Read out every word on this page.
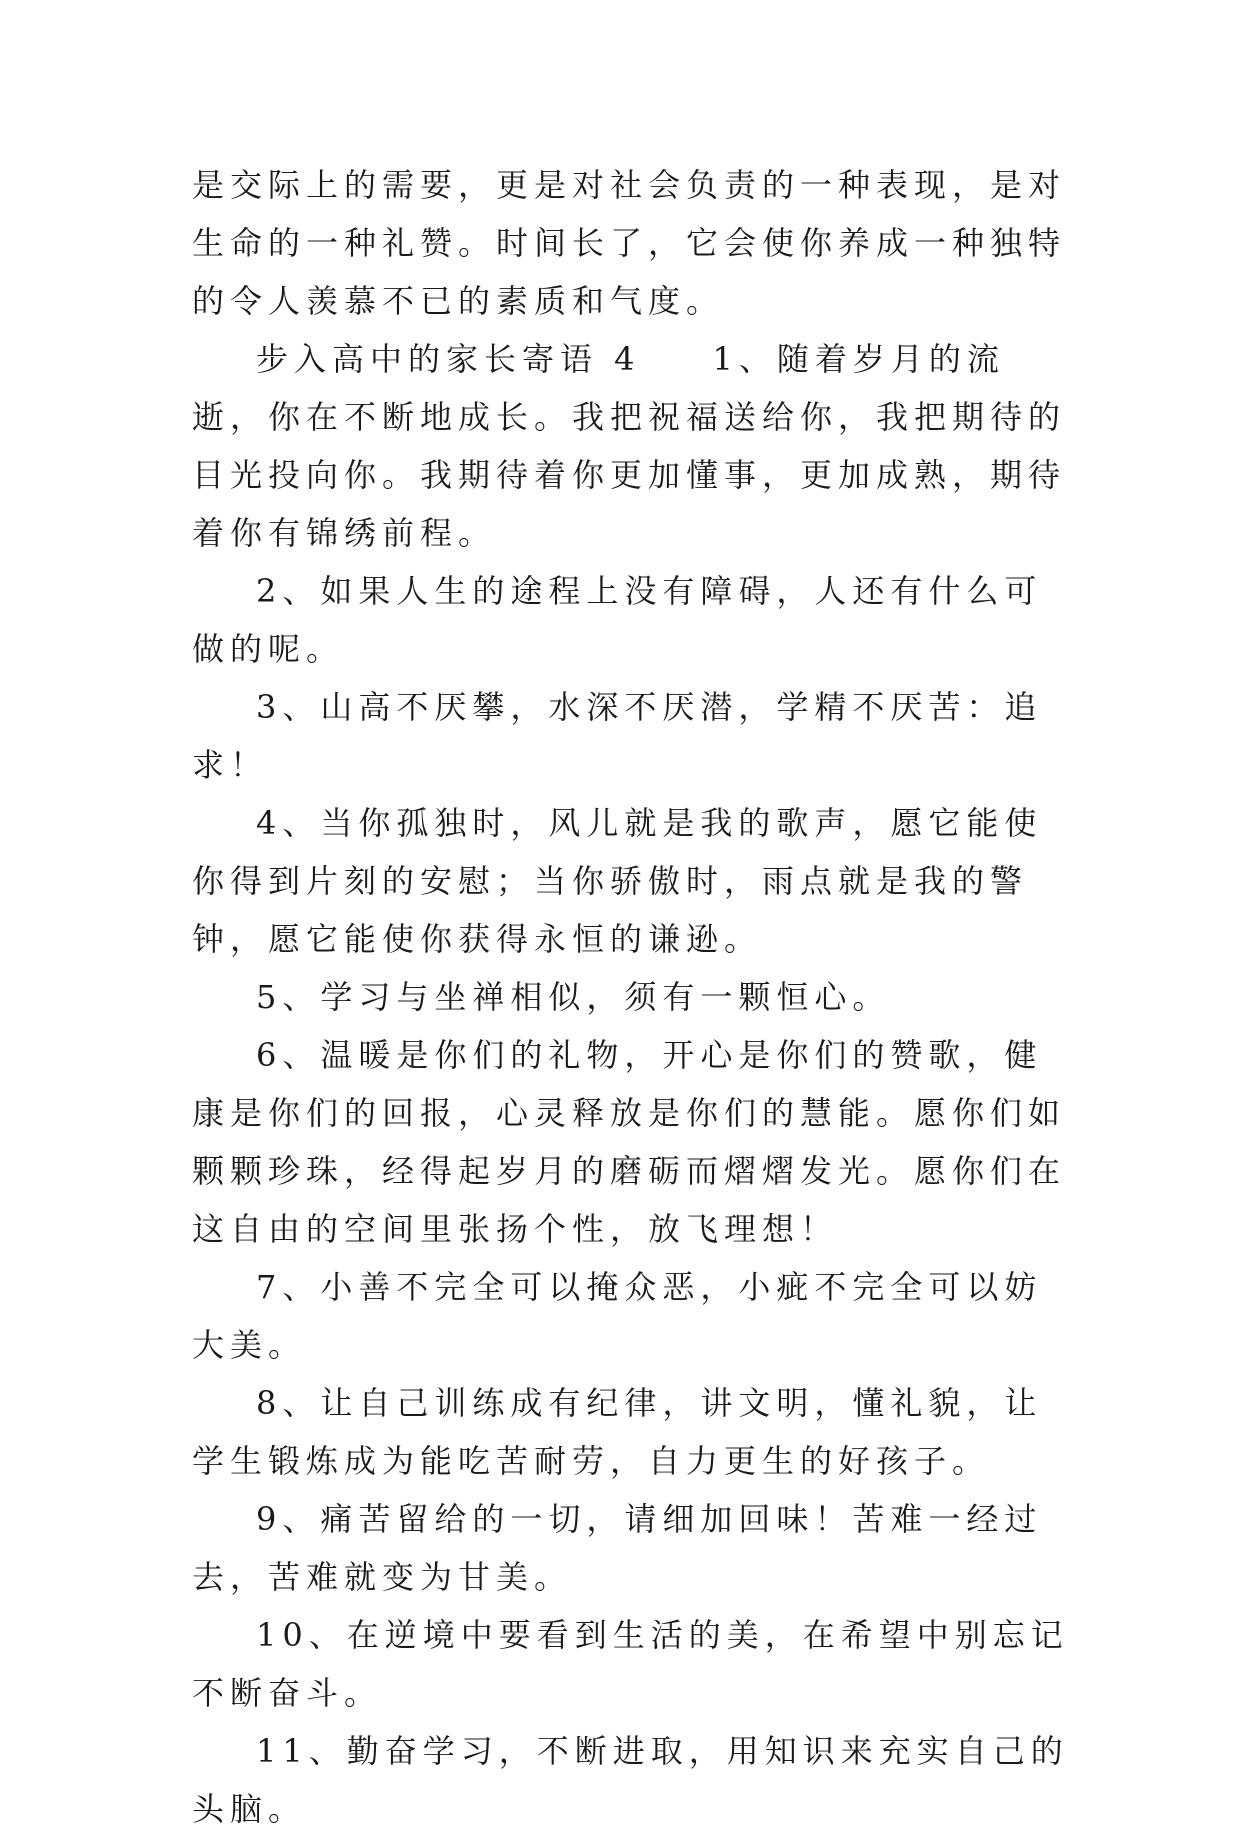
是交际上的需要，更是对社会负责的一种表现，是对生命的一种礼赞。时间长了，它会使你养成一种独特的令人羡慕不已的素质和气度。

步入高中的家长寄语 4 1、随着岁月的流逝，你在不断地成长。我把祝福送给你，我把期待的目光投向你。我期待着你更加懂事，更加成熟，期待着你有锦绣前程。

2、如果人生的途程上没有障碍，人还有什么可做的呢。

3、山高不厌攀，水深不厌潜，学精不厌苦：追求！

4、当你孤独时，风儿就是我的歌声，愿它能使你得到片刻的安慰；当你骄傲时，雨点就是我的警钟，愿它能使你获得永恒的谦逊。

5、学习与坐禅相似，须有一颗恒心。

6、温暖是你们的礼物，开心是你们的赞歌，健康是你们的回报，心灵释放是你们的慧能。愿你们如颗颗珍珠，经得起岁月的磨砺而熠熠发光。愿你们在这自由的空间里张扬个性，放飞理想！

7、小善不完全可以掩众恶，小疵不完全可以妨大美。

8、让自己训练成有纪律，讲文明，懂礼貌，让学生锻炼成为能吃苦耐劳，自力更生的好孩子。

9、痛苦留给的一切，请细加回味！苦难一经过去，苦难就变为甘美。

10、在逆境中要看到生活的美，在希望中别忘记不断奋斗。

11、勤奋学习，不断进取，用知识来充实自己的头脑。
